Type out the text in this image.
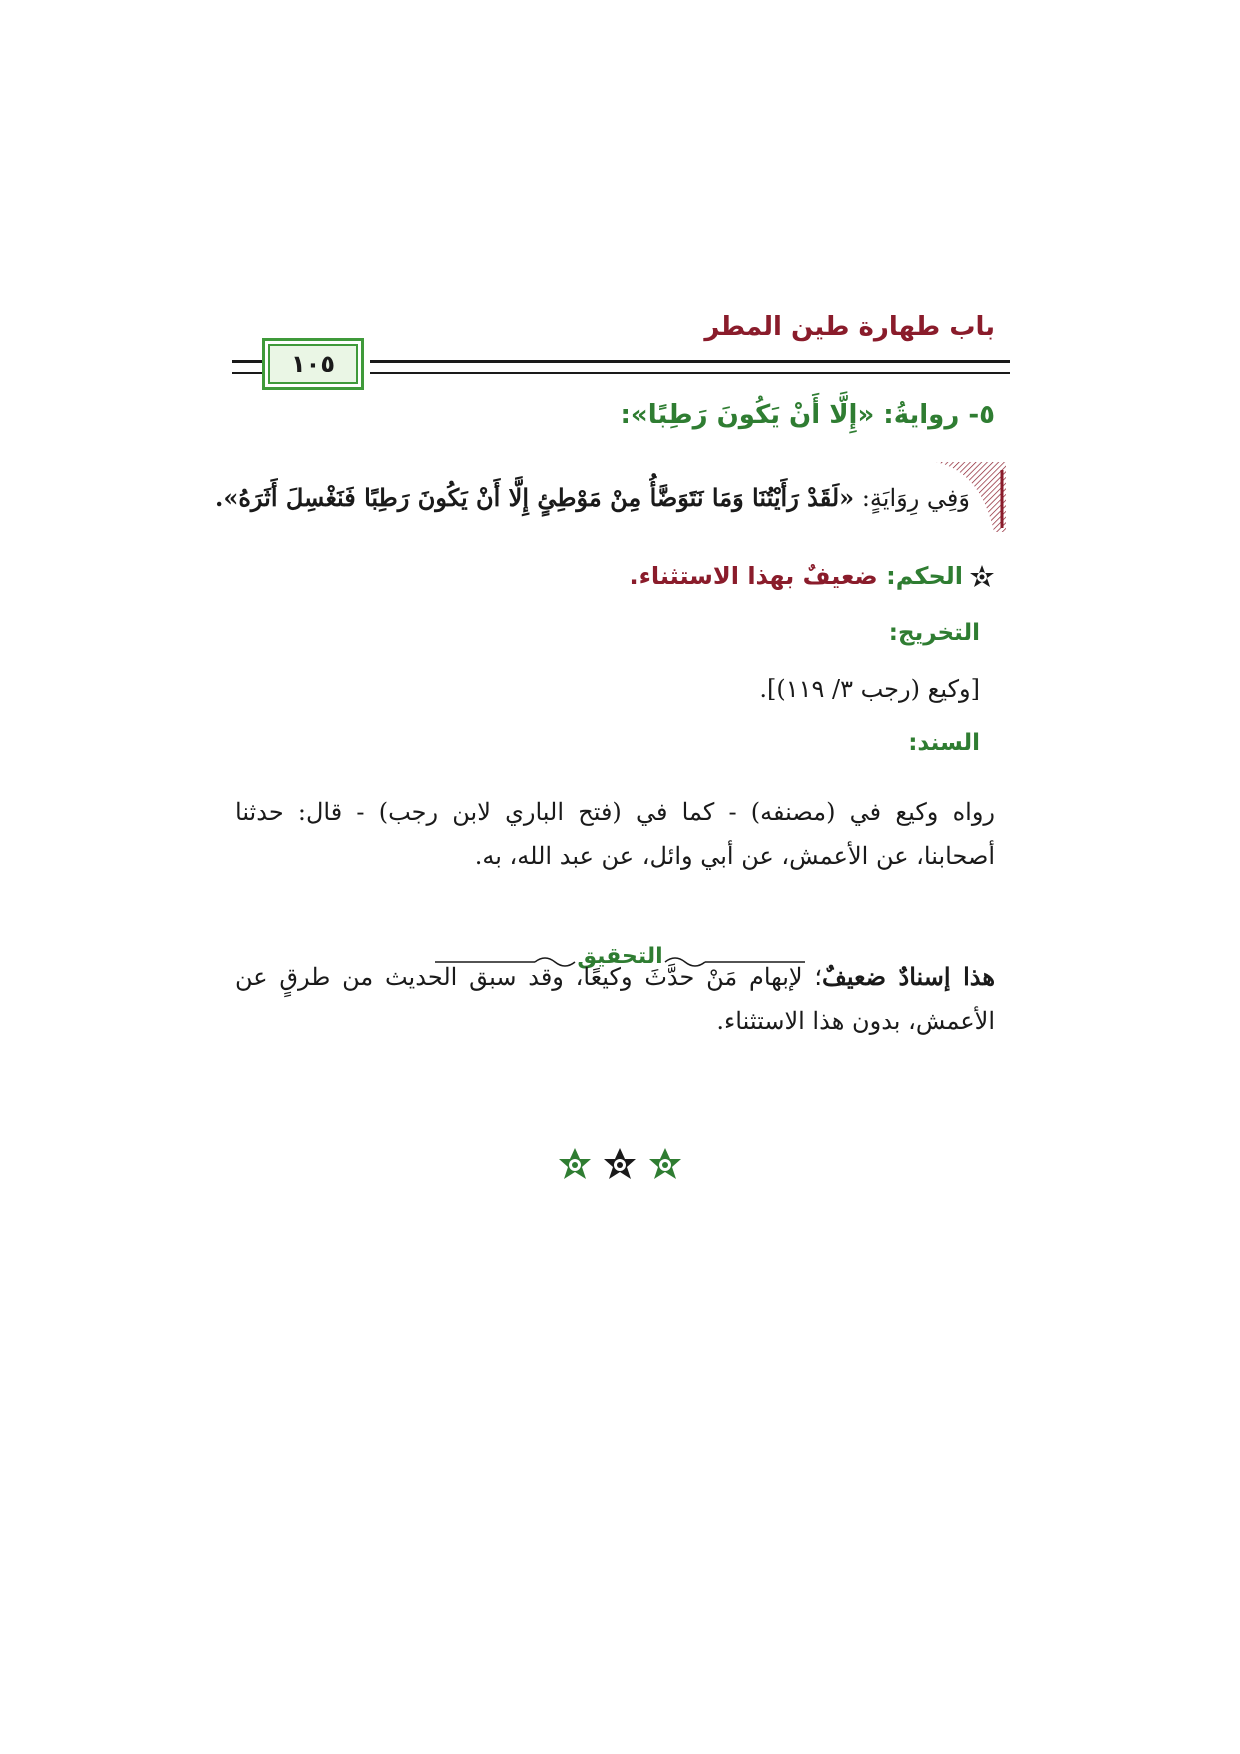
باب طهارة طين المطر
١٠٥
٥- روايةُ: «إِلَّا أَنْ يَكُونَ رَطِبًا»:
وَفِي رِوَايَةٍ: «لَقَدْ رَأَيْتُنَا وَمَا نَتَوَضَّأُ مِنْ مَوْطِئٍ إِلَّا أَنْ يَكُونَ رَطِبًا فَنَغْسِلَ أَثَرَهُ».
الحكم: ضعيفٌ بهذا الاستثناء.
التخريج:
[وكيع (رجب ٣/ ١١٩)].
السند:
رواه وكيع في (مصنفه) - كما في (فتح الباري لابن رجب) - قال: حدثنا أصحابنا، عن الأعمش، عن أبي وائل، عن عبد الله، به.
التحقيق
هذا إسنادٌ ضعيفٌ؛ لإبهام مَنْ حدَّثَ وكيعًا، وقد سبق الحديث من طرقٍ عن الأعمش، بدون هذا الاستثناء.
